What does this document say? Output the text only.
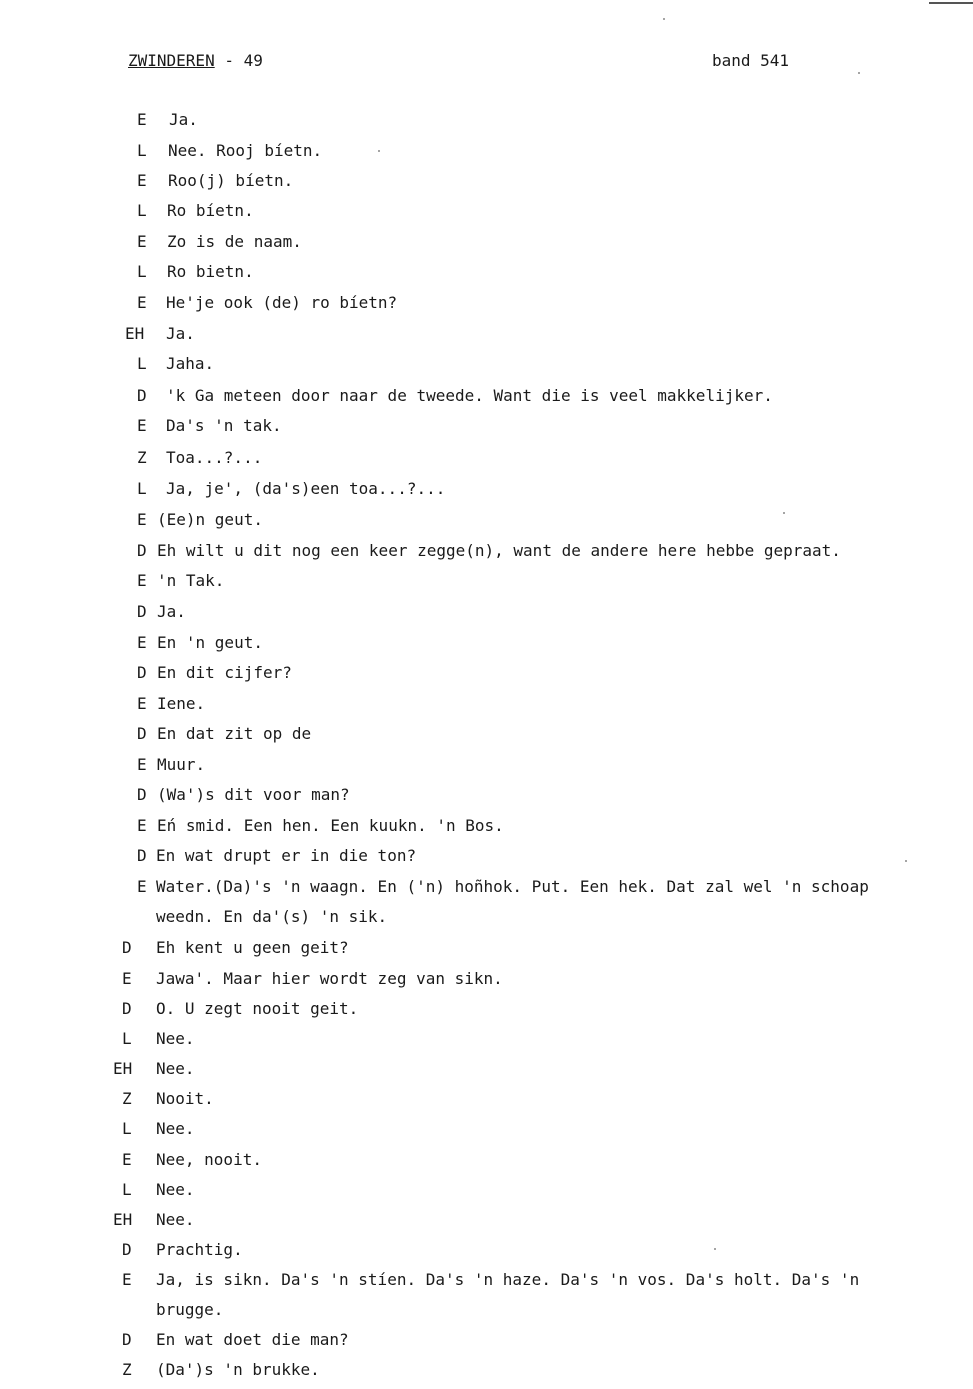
ZWINDEREN - 49	band 541
E Ja.
L Nee. Rooj bíetn.
E Roo(j) bíetn.
L Ro bíetn.
E Zo is de naam.
L Ro bietn.
E He'je ook (de) ro bíetn?
EH Ja.
L Jaha.
D 'k Ga meteen door naar de tweede. Want die is veel makkelijker.
E Da's 'n tak.
Z Toa...?...
L Ja, je', (da's)een toa...?...
E (Ee)n geut.
D Eh wilt u dit nog een keer zegge(n), want de andere here hebbe gepraat.
E 'n Tak.
D Ja.
E En 'n geut.
D En dit cijfer?
E Iene.
D En dat zit op de
E Muur.
D (Wa')s dit voor man?
E Eń smid. Een hen. Een kuukn. 'n Bos.
D En wat drupt er in die ton?
E Water.(Da)'s 'n waagn. En ('n) hoñhok. Put. Een hek. Dat zal wel 'n schoap
weedn. En da'(s) 'n sik.
D Eh kent u geen geit?
E Jawa'. Maar hier wordt zeg van sikn.
D O. U zegt nooit geit.
L Nee.
EH Nee.
Z Nooit.
L Nee.
E Nee, nooit.
L Nee.
EH Nee.
D Prachtig.
E Ja, is sikn. Da's 'n stíen. Da's 'n haze. Da's 'n vos. Da's holt. Da's 'n
brugge.
D En wat doet die man?
Z (Da')s 'n brukke.
